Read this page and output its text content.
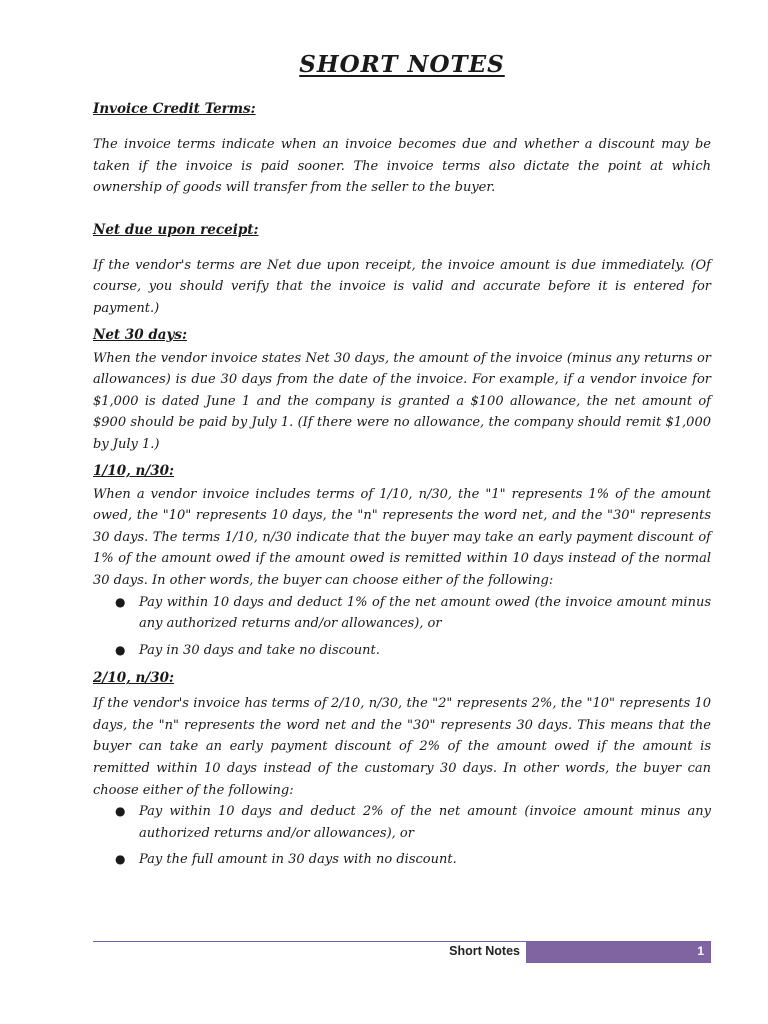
SHORT NOTES

Invoice Credit Terms:

The invoice terms indicate when an invoice becomes due and whether a discount may be taken if the invoice is paid sooner. The invoice terms also dictate the point at which ownership of goods will transfer from the seller to the buyer.

Net due upon receipt:

If the vendor's terms are Net due upon receipt, the invoice amount is due immediately. (Of course, you should verify that the invoice is valid and accurate before it is entered for payment.)

Net 30 days:

When the vendor invoice states Net 30 days, the amount of the invoice (minus any returns or allowances) is due 30 days from the date of the invoice. For example, if a vendor invoice for $1,000 is dated June 1 and the company is granted a $100 allowance, the net amount of $900 should be paid by July 1. (If there were no allowance, the company should remit $1,000 by July 1.)

1/10, n/30:

When a vendor invoice includes terms of 1/10, n/30, the "1" represents 1% of the amount owed, the "10" represents 10 days, the "n" represents the word net, and the "30" represents 30 days. The terms 1/10, n/30 indicate that the buyer may take an early payment discount of 1% of the amount owed if the amount owed is remitted within 10 days instead of the normal 30 days. In other words, the buyer can choose either of the following:

● Pay within 10 days and deduct 1% of the net amount owed (the invoice amount minus any authorized returns and/or allowances), or
● Pay in 30 days and take no discount.

2/10, n/30:

If the vendor's invoice has terms of 2/10, n/30, the "2" represents 2%, the "10" represents 10 days, the "n" represents the word net and the "30" represents 30 days. This means that the buyer can take an early payment discount of 2% of the amount owed if the amount is remitted within 10 days instead of the customary 30 days. In other words, the buyer can choose either of the following:

● Pay within 10 days and deduct 2% of the net amount (invoice amount minus any authorized returns and/or allowances), or
● Pay the full amount in 30 days with no discount.
Short Notes	1
